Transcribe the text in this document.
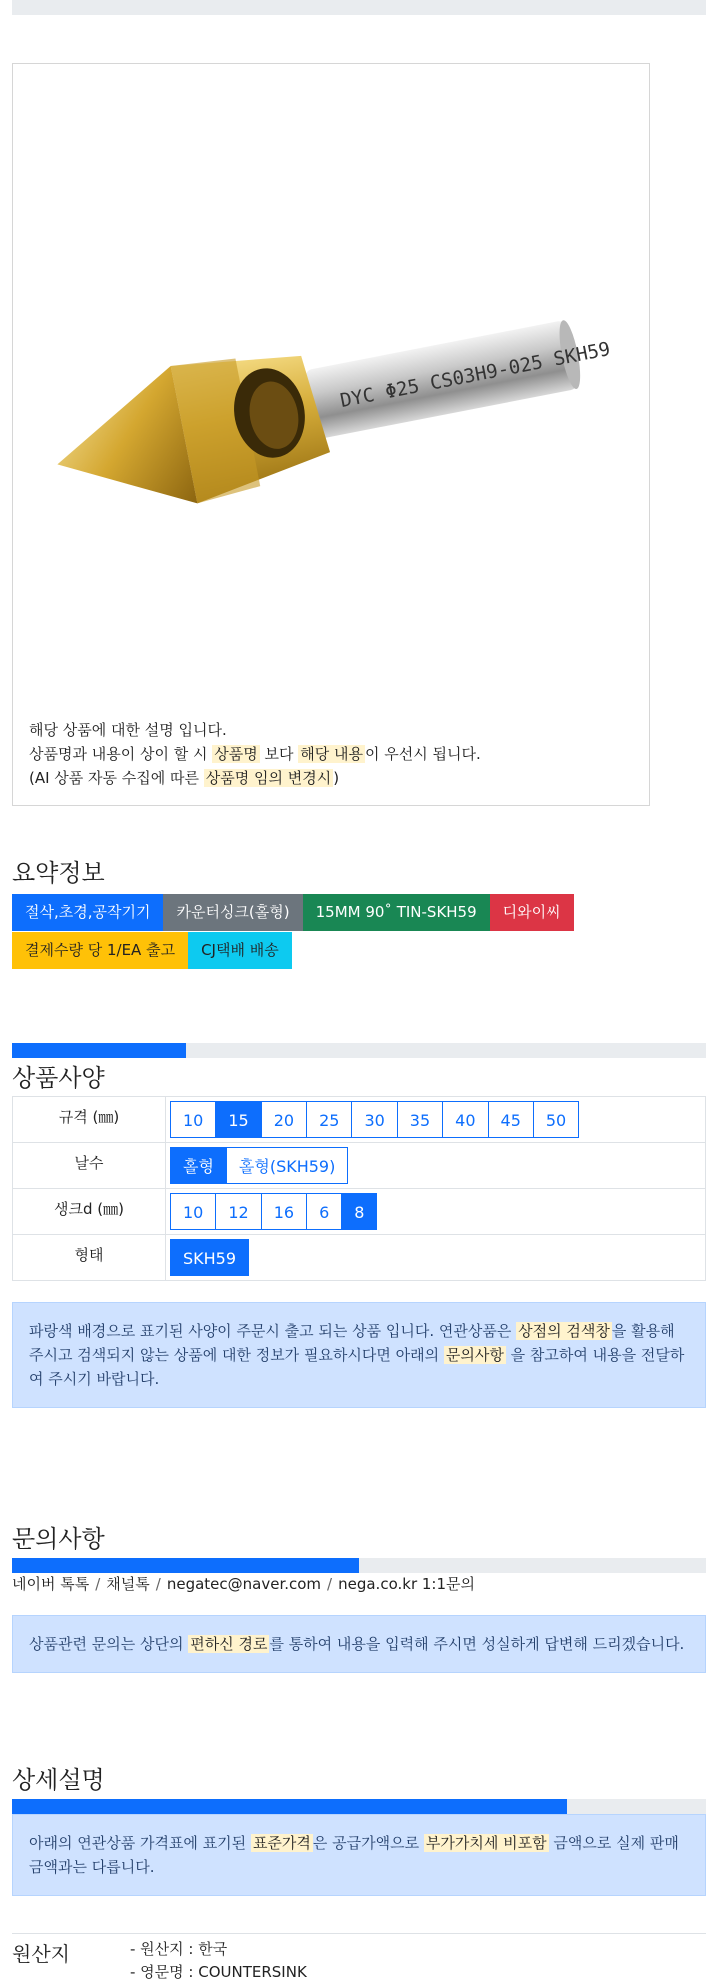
DYC Φ25 CS03H9-025 SKH59

해당 상품에 대한 설명 입니다.

상품명과 내용이 상이 할 시 상품명 보다 해당 내용 이 우선시 됩니다.

(AI 상품 자동 수집에 따른 상품명 임의 변경시 )

요약정보
절삭,초경,공작기기 카운터싱크(홀형) 15MM 90˚ TIN-SKH59 디와이씨
결제수량 당 1/EA 출고 CJ택배 배송
상품사양
규격 (㎜)	10 15 20 25 30 35 40 45 50
날수	홀형 홀형(SKH59)
생크d (㎜)	10 12 16 6 8
형태	SKH59
파랑색 배경으로 표기된 사양이 주문시 출고 되는 상품 입니다. 연관상품은 상점의 검색창 을 활용해 주시고 검색되지 않는 상품에 대한 정보가 필요하시다면 아래의 문의사항 을 참고하여 내용을 전달하여 주시기 바랍니다.
문의사항
네이버 톡톡 / 채널톡 / negatec@naver.com / nega.co.kr 1:1문의
상품관련 문의는 상단의 편하신 경로 를 통하여 내용을 입력해 주시면 성실하게 답변해 드리겠습니다.
상세설명
아래의 연관상품 가격표에 표기된 표준가격 은 공급가액으로 부가가치세 비포함 금액으로 실제 판매금액과는 다릅니다.
원산지	- 원산지 : 한국
- 영문명 : COUNTERSINK
